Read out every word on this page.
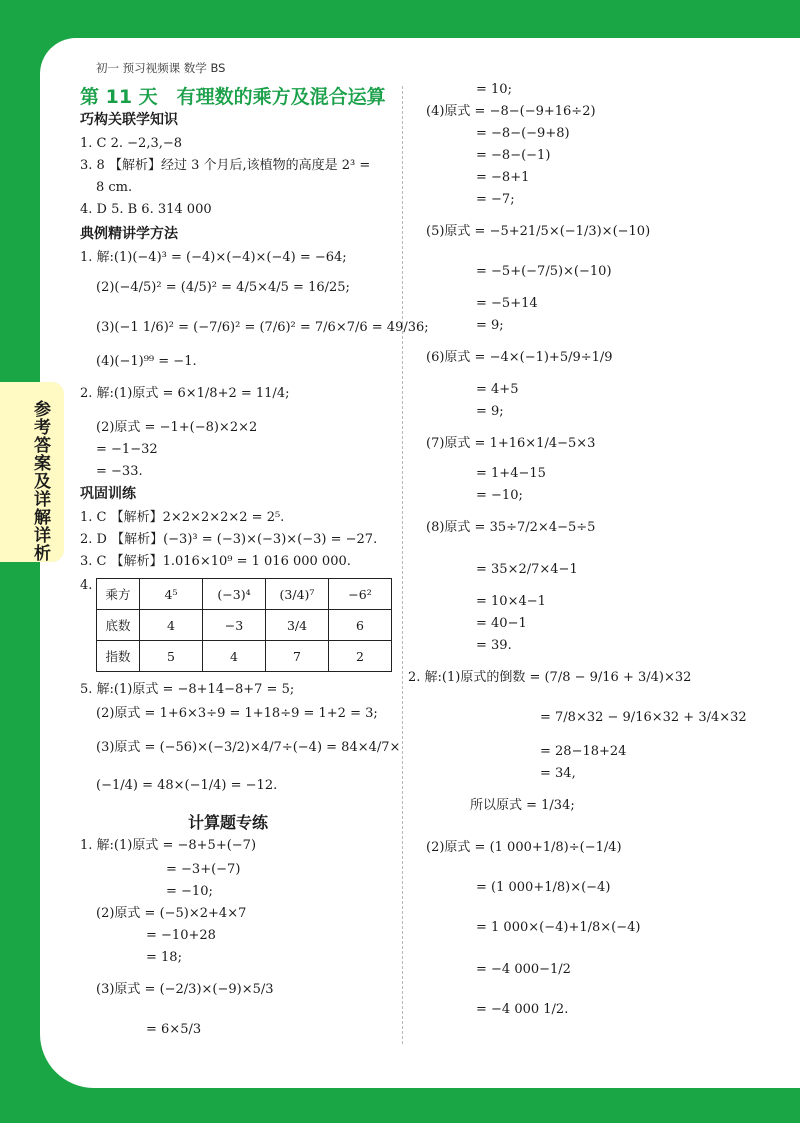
初一 预习视频课 数学 BS
参考答案及详解详析
第 11 天　有理数的乘方及混合运算
巧构关联学知识
1. C 2. −2,3,−8
3. 8 【解析】经过 3 个月后,该植物的高度是 2³ =
8 cm.
4. D 5. B 6. 314 000
典例精讲学方法
1. 解:(1)(−4)³ = (−4)×(−4)×(−4) = −64;
(2)(−4/5)² = (4/5)² = 4/5×4/5 = 16/25;
(3)(−1 1/6)² = (−7/6)² = (7/6)² = 7/6×7/6 = 49/36;
(4)(−1)⁹⁹ = −1.
2. 解:(1)原式 = 6×1/8+2 = 11/4;
(2)原式 = −1+(−8)×2×2
= −1−32
= −33.
巩固训练
1. C 【解析】2×2×2×2×2 = 2⁵.
2. D 【解析】(−3)³ = (−3)×(−3)×(−3) = −27.
3. C 【解析】1.016×10⁹ = 1 016 000 000.
4.
乘方	4⁵	(−3)⁴	(3/4)⁷	−6²
底数	4	−3	3/4	6
指数	5	4	7	2
5. 解:(1)原式 = −8+14−8+7 = 5;
(2)原式 = 1+6×3÷9 = 1+18÷9 = 1+2 = 3;
(3)原式 = (−56)×(−3/2)×4/7÷(−4) = 84×4/7×
(−1/4) = 48×(−1/4) = −12.
计算题专练
1. 解:(1)原式 = −8+5+(−7)
= −3+(−7)
= −10;
(2)原式 = (−5)×2+4×7
= −10+28
= 18;
(3)原式 = (−2/3)×(−9)×5/3
= 6×5/3
= 10;
(4)原式 = −8−(−9+16÷2)
= −8−(−9+8)
= −8−(−1)
= −8+1
= −7;
(5)原式 = −5+21/5×(−1/3)×(−10)
= −5+(−7/5)×(−10)
= −5+14
= 9;
(6)原式 = −4×(−1)+5/9÷1/9
= 4+5
= 9;
(7)原式 = 1+16×1/4−5×3
= 1+4−15
= −10;
(8)原式 = 35÷7/2×4−5÷5
= 35×2/7×4−1
= 10×4−1
= 40−1
= 39.
2. 解:(1)原式的倒数 = (7/8 − 9/16 + 3/4)×32
= 7/8×32 − 9/16×32 + 3/4×32
= 28−18+24
= 34,
所以原式 = 1/34;
(2)原式 = (1 000+1/8)÷(−1/4)
= (1 000+1/8)×(−4)
= 1 000×(−4)+1/8×(−4)
= −4 000−1/2
= −4 000 1/2.
